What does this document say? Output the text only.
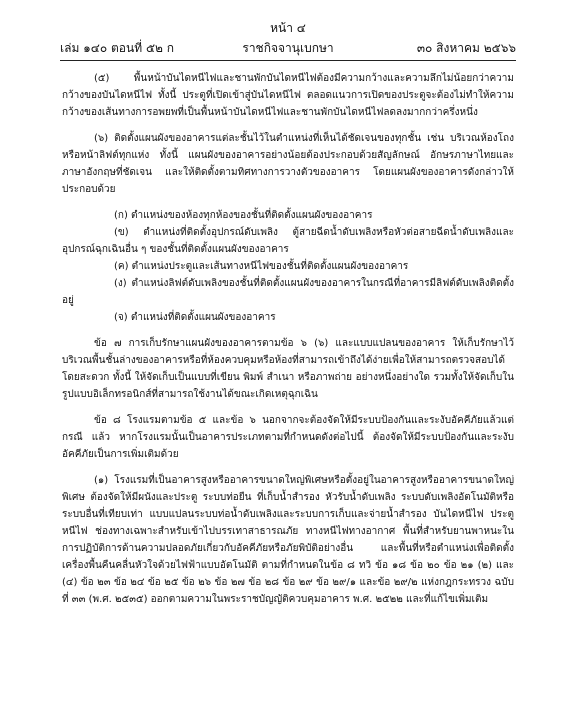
หน้า ๔
เล่ม ๑๔๐ ตอนที่ ๕๒ ก	ราชกิจจานุเบกษา	๓๐ สิงหาคม ๒๕๖๖

(๕) พื้นหน้าบันไดหนีไฟและชานพักบันไดหนีไฟต้องมีความกว้างและความลึกไม่น้อยกว่าความกว้างของบันไดหนีไฟ ทั้งนี้ ประตูที่เปิดเข้าสู่บันไดหนีไฟ ตลอดแนวการเปิดของประตูจะต้องไม่ทำให้ความกว้างของเส้นทางการอพยพที่เป็นพื้นหน้าบันไดหนีไฟและชานพักบันไดหนีไฟลดลงมากกว่าครึ่งหนึ่ง

(๖) ติดตั้งแผนผังของอาคารแต่ละชั้นไว้ในตำแหน่งที่เห็นได้ชัดเจนของทุกชั้น เช่น บริเวณห้องโถงหรือหน้าลิฟต์ทุกแห่ง ทั้งนี้ แผนผังของอาคารอย่างน้อยต้องประกอบด้วยสัญลักษณ์ อักษรภาษาไทยและภาษาอังกฤษที่ชัดเจน และให้ติดตั้งตามทิศทางการวางตัวของอาคาร โดยแผนผังของอาคารดังกล่าวให้ประกอบด้วย

(ก) ตำแหน่งของห้องทุกห้องของชั้นที่ติดตั้งแผนผังของอาคาร

(ข) ตำแหน่งที่ติดตั้งอุปกรณ์ดับเพลิง ตู้สายฉีดน้ำดับเพลิงหรือหัวต่อสายฉีดน้ำดับเพลิงและอุปกรณ์ฉุกเฉินอื่น ๆ ของชั้นที่ติดตั้งแผนผังของอาคาร

(ค) ตำแหน่งประตูและเส้นทางหนีไฟของชั้นที่ติดตั้งแผนผังของอาคาร

(ง) ตำแหน่งลิฟต์ดับเพลิงของชั้นที่ติดตั้งแผนผังของอาคารในกรณีที่อาคารมีลิฟต์ดับเพลิงติดตั้งอยู่

(จ) ตำแหน่งที่ติดตั้งแผนผังของอาคาร

ข้อ ๗ การเก็บรักษาแผนผังของอาคารตามข้อ ๖ (๖) และแบบแปลนของอาคาร ให้เก็บรักษาไว้บริเวณพื้นชั้นล่างของอาคารหรือที่ห้องควบคุมหรือห้องที่สามารถเข้าถึงได้ง่ายเพื่อให้สามารถตรวจสอบได้โดยสะดวก ทั้งนี้ ให้จัดเก็บเป็นแบบที่เขียน พิมพ์ สำเนา หรือภาพถ่าย อย่างหนึ่งอย่างใด รวมทั้งให้จัดเก็บในรูปแบบอิเล็กทรอนิกส์ที่สามารถใช้งานได้ขณะเกิดเหตุฉุกเฉิน

ข้อ ๘ โรงแรมตามข้อ ๕ และข้อ ๖ นอกจากจะต้องจัดให้มีระบบป้องกันและระงับอัคคีภัยแล้วแต่กรณี แล้ว หากโรงแรมนั้นเป็นอาคารประเภทตามที่กำหนดดังต่อไปนี้ ต้องจัดให้มีระบบป้องกันและระงับอัคคีภัยเป็นการเพิ่มเติมด้วย

(๑) โรงแรมที่เป็นอาคารสูงหรืออาคารขนาดใหญ่พิเศษหรือตั้งอยู่ในอาคารสูงหรืออาคารขนาดใหญ่พิเศษ ต้องจัดให้มีผนังและประตู ระบบท่อยืน ที่เก็บน้ำสำรอง หัวรับน้ำดับเพลิง ระบบดับเพลิงอัตโนมัติหรือระบบอื่นที่เทียบเท่า แบบแปลนระบบท่อน้ำดับเพลิงและระบบการเก็บและจ่ายน้ำสำรอง บันไดหนีไฟ ประตูหนีไฟ ช่องทางเฉพาะสำหรับเข้าไปบรรเทาสาธารณภัย ทางหนีไฟทางอากาศ พื้นที่สำหรับยานพาหนะในการปฏิบัติการด้านความปลอดภัยเกี่ยวกับอัคคีภัยหรือภัยพิบัติอย่างอื่น และพื้นที่หรือตำแหน่งเพื่อติดตั้งเครื่องพื้นคืนคลื่นหัวใจด้วยไฟฟ้าแบบอัตโนมัติ ตามที่กำหนดในข้อ ๘ ทวิ ข้อ ๑๘ ข้อ ๒๐ ข้อ ๒๑ (๒) และ (๔) ข้อ ๒๓ ข้อ ๒๔ ข้อ ๒๕ ข้อ ๒๖ ข้อ ๒๗ ข้อ ๒๘ ข้อ ๒๙ ข้อ ๒๙/๑ และข้อ ๒๙/๒ แห่งกฎกระทรวง ฉบับที่ ๓๓ (พ.ศ. ๒๕๓๕) ออกตามความในพระราชบัญญัติควบคุมอาคาร พ.ศ. ๒๕๒๒ และที่แก้ไขเพิ่มเติม
